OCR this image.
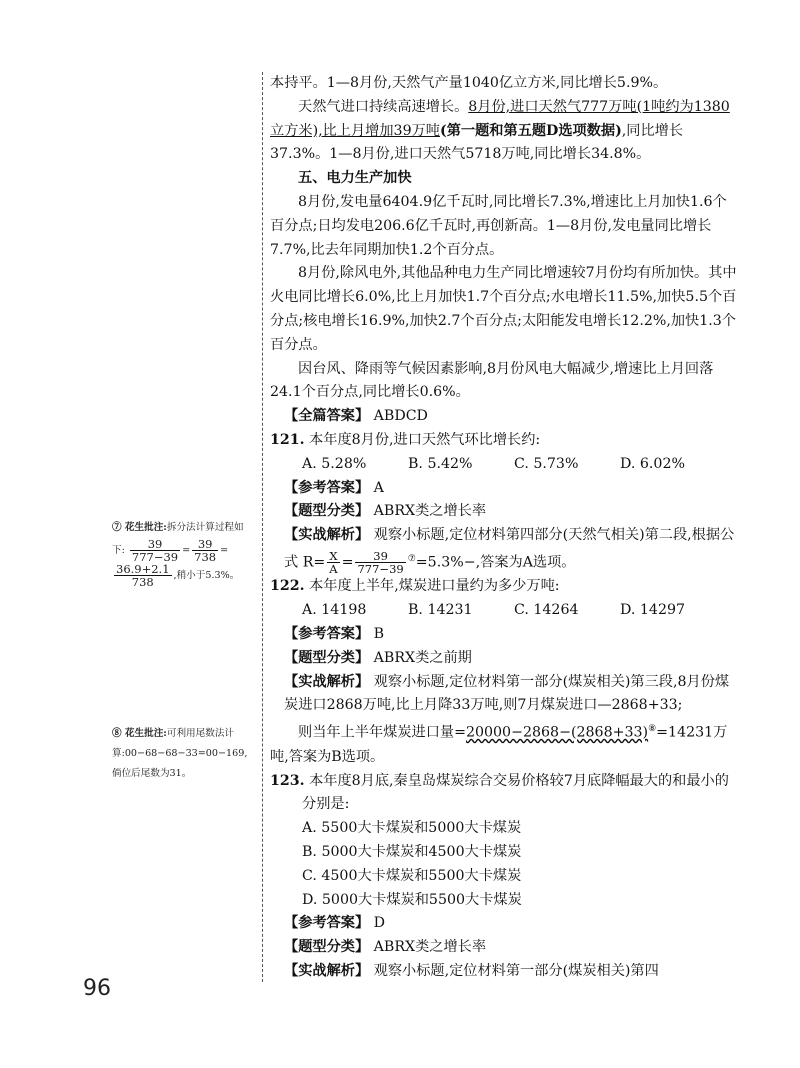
本持平。1—8月份,天然气产量1040亿立方米,同比增长5.9%。

天然气进口持续高速增长。8月份,进口天然气777万吨(1吨约为1380立方米),比上月增加39万吨(第一题和第五题D选项数据),同比增长37.3%。1—8月份,进口天然气5718万吨,同比增长34.8%。

五、电力生产加快

8月份,发电量6404.9亿千瓦时,同比增长7.3%,增速比上月加快1.6个百分点;日均发电206.6亿千瓦时,再创新高。1—8月份,发电量同比增长7.7%,比去年同期加快1.2个百分点。

8月份,除风电外,其他品种电力生产同比增速较7月份均有所加快。其中火电同比增长6.0%,比上月加快1.7个百分点;水电增长11.5%,加快5.5个百分点;核电增长16.9%,加快2.7个百分点;太阳能发电增长12.2%,加快1.3个百分点。

因台风、降雨等气候因素影响,8月份风电大幅减少,增速比上月回落24.1个百分点,同比增长0.6%。

【全篇答案】 ABDCD

121. 本年度8月份,进口天然气环比增长约:

A. 5.28%	B. 5.42%	C. 5.73%	D. 6.02%

【参考答案】 A

【题型分类】 ABRX类之增长率

【实战解析】 观察小标题,定位材料第四部分(天然气相关)第二段,根据公式 $R= \frac{X}{A} = \frac{39}{777-39} ^⑦=5.3\%-$,答案为A选项。

122. 本年度上半年,煤炭进口量约为多少万吨:

A. 14198	B. 14231	C. 14264	D. 14297

【参考答案】 B

【题型分类】 ABRX类之前期

【实战解析】 观察小标题,定位材料第一部分(煤炭相关)第三段,8月份煤炭进口2868万吨,比上月降33万吨,则7月煤炭进口—2868+33;

则当年上半年煤炭进口量=20000−2868−(2868+33)⑧=14231万吨,答案为B选项。

123. 本年度8月底,秦皇岛煤炭综合交易价格较7月底降幅最大的和最小的分别是:

A. 5500大卡煤炭和5000大卡煤炭

B. 5000大卡煤炭和4500大卡煤炭

C. 4500大卡煤炭和5500大卡煤炭

D. 5000大卡煤炭和5500大卡煤炭

【参考答案】 D

【题型分类】 ABRX类之增长率

【实战解析】 观察小标题,定位材料第一部分(煤炭相关)第四

⑦ 花生批注:拆分法计算过程如下: $\frac{39}{777-39} = \frac{39}{738}$ =

$\frac{36.9+2.1}{738}$ ,稍小于5.3%。
⑧ 花生批注:可利用尾数法计算:00−68−68−33=00−169,倘位后尾数为31。
96
